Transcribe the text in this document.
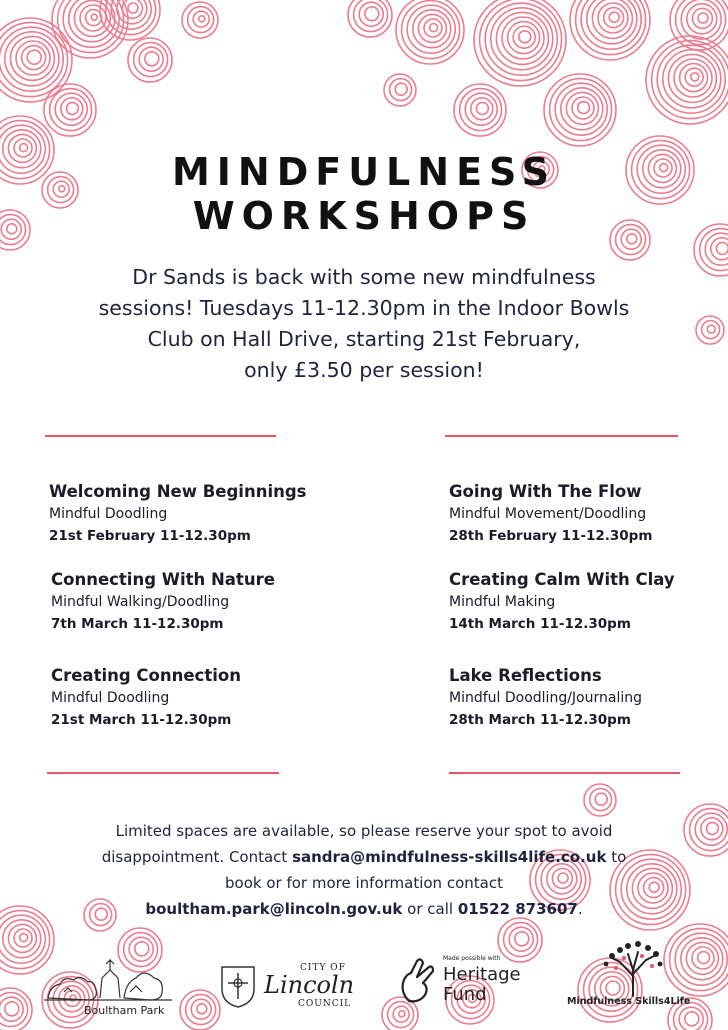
MINDFULNESS
WORKSHOPS
Dr Sands is back with some new mindfulness
sessions! Tuesdays 11-12.30pm in the Indoor Bowls
Club on Hall Drive, starting 21st February,
only £3.50 per session!
Welcoming New Beginnings
Mindful Doodling
21st February 11-12.30pm
Going With The Flow
Mindful Movement/Doodling
28th February 11-12.30pm
Connecting With Nature
Mindful Walking/Doodling
7th March 11-12.30pm
Creating Calm With Clay
Mindful Making
14th March 11-12.30pm
Creating Connection
Mindful Doodling
21st March 11-12.30pm
Lake Reflections
Mindful Doodling/Journaling
28th March 11-12.30pm
Limited spaces are available, so please reserve your spot to avoid
disappointment. Contact sandra@mindfulness-skills4life.co.uk to
book or for more information contact
boultham.park@lincoln.gov.uk or call 01522 873607.
Boultham Park
CITY OF
Lincoln
COUNCIL
Made possible with
Heritage
Fund	Mindfulness Skills4Life
